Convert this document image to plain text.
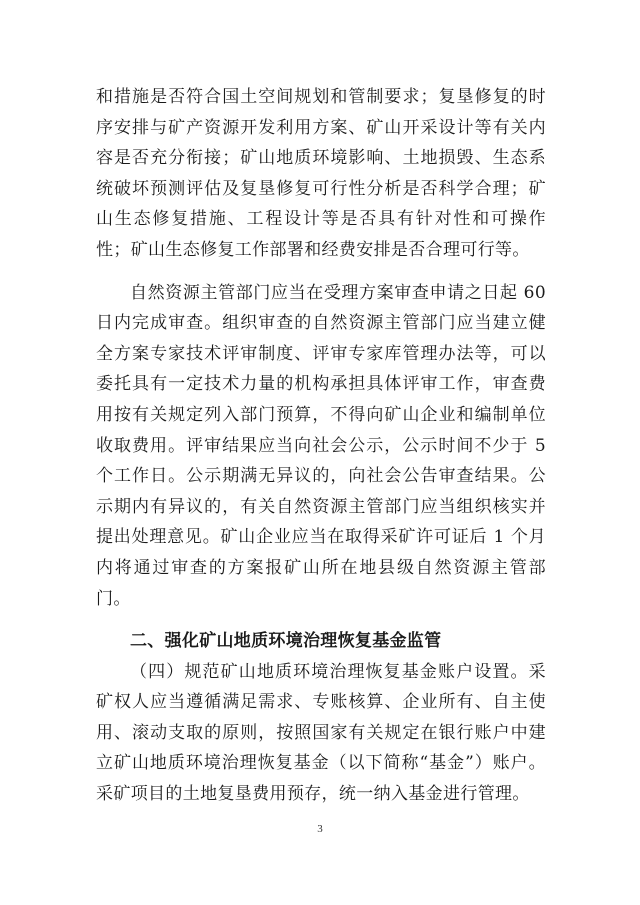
和措施是否符合国土空间规划和管制要求；复垦修复的时序安排与矿产资源开发利用方案、矿山开采设计等有关内容是否充分衔接；矿山地质环境影响、土地损毁、生态系统破坏预测评估及复垦修复可行性分析是否科学合理；矿山生态修复措施、工程设计等是否具有针对性和可操作性；矿山生态修复工作部署和经费安排是否合理可行等。

自然资源主管部门应当在受理方案审查申请之日起 60 日内完成审查。组织审查的自然资源主管部门应当建立健全方案专家技术评审制度、评审专家库管理办法等，可以委托具有一定技术力量的机构承担具体评审工作，审查费用按有关规定列入部门预算，不得向矿山企业和编制单位收取费用。评审结果应当向社会公示，公示时间不少于 5 个工作日。公示期满无异议的，向社会公告审查结果。公示期内有异议的，有关自然资源主管部门应当组织核实并提出处理意见。矿山企业应当在取得采矿许可证后 1 个月内将通过审查的方案报矿山所在地县级自然资源主管部门。

二、强化矿山地质环境治理恢复基金监管

（四）规范矿山地质环境治理恢复基金账户设置。采矿权人应当遵循满足需求、专账核算、企业所有、自主使用、滚动支取的原则，按照国家有关规定在银行账户中建立矿山地质环境治理恢复基金（以下简称“基金”）账户。采矿项目的土地复垦费用预存，统一纳入基金进行管理。

3
